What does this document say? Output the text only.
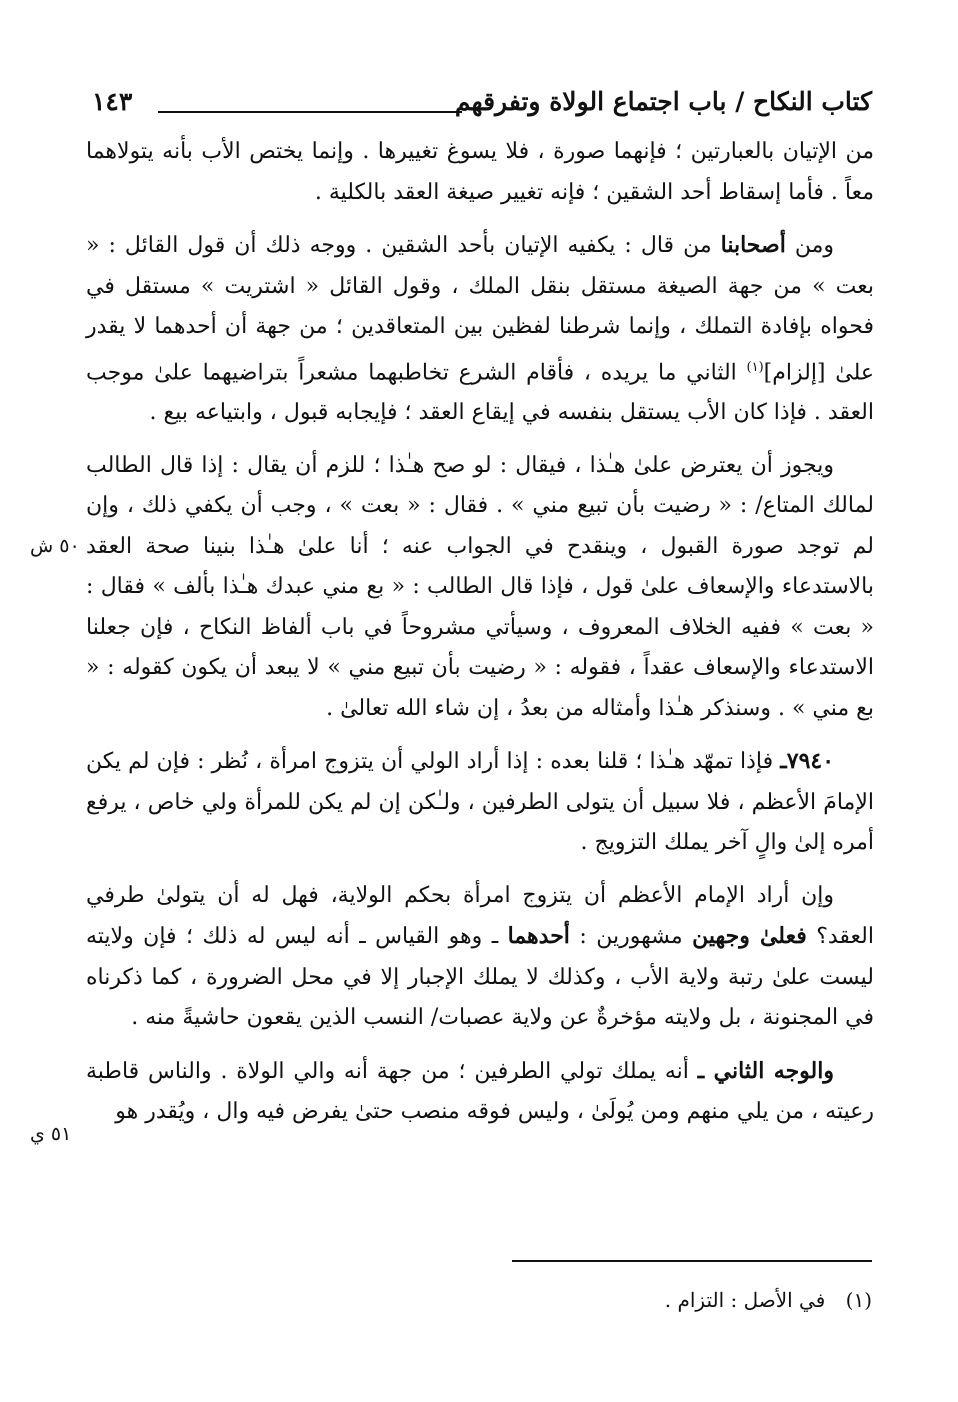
كتاب النكاح / باب اجتماع الولاة وتفرقهم
١٤٣
٥٠ ش
٥١ ي

من الإتيان بالعبارتين ؛ فإنهما صورة ، فلا يسوغ تغييرها . وإنما يختص الأب بأنه يتولاهما معاً . فأما إسقاط أحد الشقين ؛ فإنه تغيير صيغة العقد بالكلية .

ومن أصحابنا من قال : يكفيه الإتيان بأحد الشقين . ووجه ذلك أن قول القائل : « بعت » من جهة الصيغة مستقل بنقل الملك ، وقول القائل « اشتريت » مستقل في فحواه بإفادة التملك ، وإنما شرطنا لفظين بين المتعاقدين ؛ من جهة أن أحدهما لا يقدر علىٰ [إلزام]$^{(١)}$ الثاني ما يريده ، فأقام الشرع تخاطبهما مشعراً بتراضيهما علىٰ موجب العقد . فإذا كان الأب يستقل بنفسه في إيقاع العقد ؛ فإيجابه قبول ، وابتياعه بيع .

ويجوز أن يعترض علىٰ هـٰذا ، فيقال : لو صح هـٰذا ؛ للزم أن يقال : إذا قال الطالب لمالك المتاع/ : « رضيت بأن تبيع مني » . فقال : « بعت » ، وجب أن يكفي ذلك ، وإن لم توجد صورة القبول ، وينقدح في الجواب عنه ؛ أنا علىٰ هـٰذا بنينا صحة العقد بالاستدعاء والإسعاف علىٰ قول ، فإذا قال الطالب : « بع مني عبدك هـٰذا بألف » فقال : « بعت » ففيه الخلاف المعروف ، وسيأتي مشروحاً في باب ألفاظ النكاح ، فإن جعلنا الاستدعاء والإسعاف عقداً ، فقوله : « رضيت بأن تبيع مني » لا يبعد أن يكون كقوله : « بع مني » . وسنذكر هـٰذا وأمثاله من بعدُ ، إن شاء الله تعالىٰ .

٧٩٤٠ـ فإذا تمهّد هـٰذا ؛ قلنا بعده : إذا أراد الولي أن يتزوج امرأة ، نُظر : فإن لم يكن الإمامَ الأعظم ، فلا سبيل أن يتولى الطرفين ، ولـٰكن إن لم يكن للمرأة ولي خاص ، يرفع أمره إلىٰ والٍ آخر يملك التزويج .

وإن أراد الإمام الأعظم أن يتزوج امرأة بحكم الولاية، فهل له أن يتولىٰ طرفي العقد؟ فعلىٰ وجهين مشهورين : أحدهما ـ وهو القياس ـ أنه ليس له ذلك ؛ فإن ولايته ليست علىٰ رتبة ولاية الأب ، وكذلك لا يملك الإجبار إلا في محل الضرورة ، كما ذكرناه في المجنونة ، بل ولايته مؤخرةٌ عن ولاية عصبات/ النسب الذين يقعون حاشيةً منه .

والوجه الثاني ـ أنه يملك تولي الطرفين ؛ من جهة أنه والي الولاة . والناس قاطبة رعيته ، من يلي منهم ومن يُولَىٰ ، وليس فوقه منصب حتىٰ يفرض فيه وال ، ويُقدر هو

(١) في الأصل : التزام .
